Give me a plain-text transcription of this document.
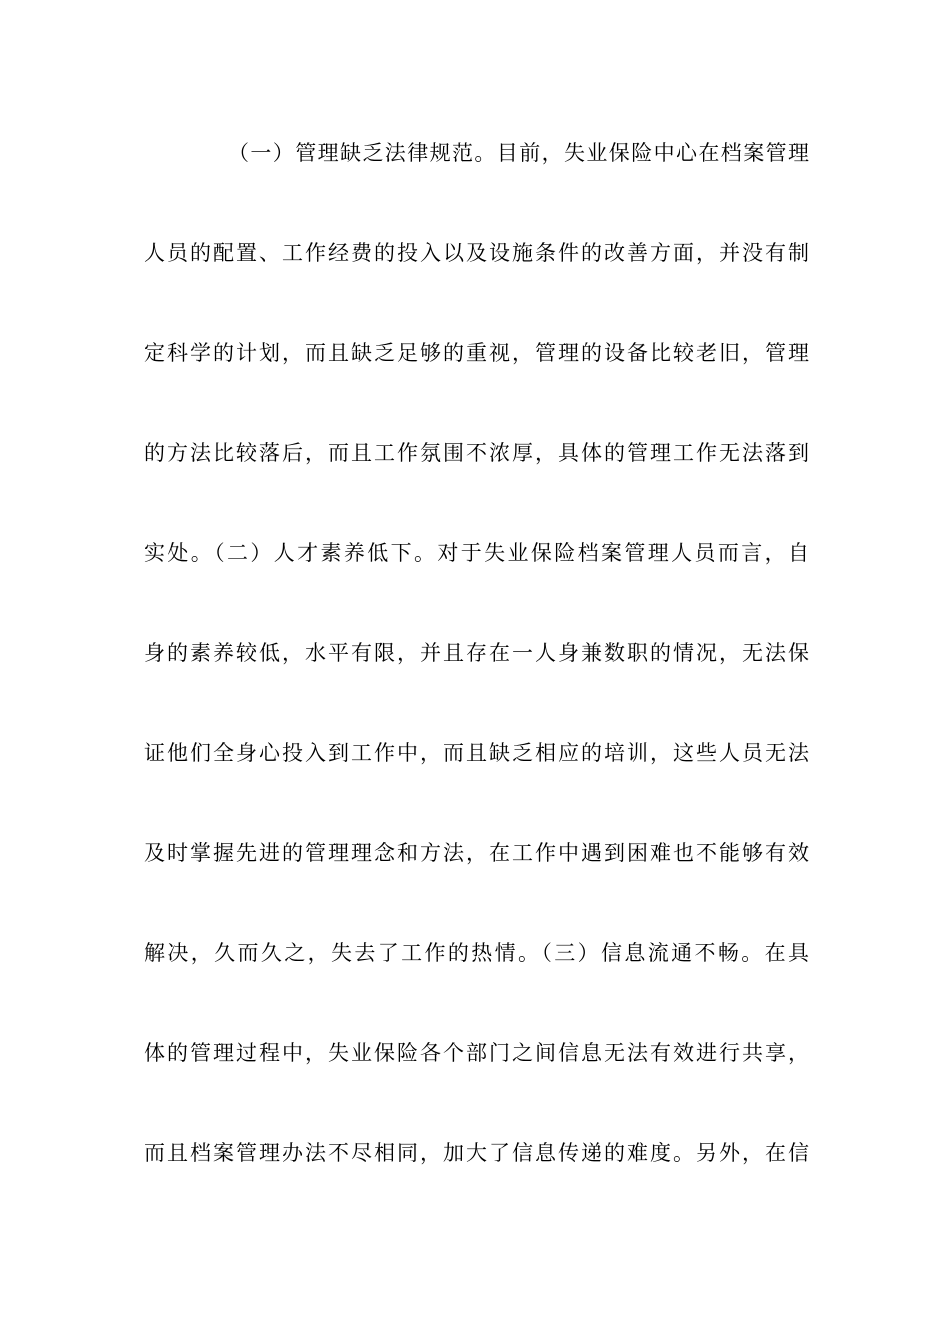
（一）管理缺乏法律规范。目前，失业保险中心在档案管理
人员的配置、工作经费的投入以及设施条件的改善方面，并没有制
定科学的计划，而且缺乏足够的重视，管理的设备比较老旧，管理
的方法比较落后，而且工作氛围不浓厚，具体的管理工作无法落到
实处。（二）人才素养低下。对于失业保险档案管理人员而言，自
身的素养较低，水平有限，并且存在一人身兼数职的情况，无法保
证他们全身心投入到工作中，而且缺乏相应的培训，这些人员无法
及时掌握先进的管理理念和方法，在工作中遇到困难也不能够有效
解决，久而久之，失去了工作的热情。（三）信息流通不畅。在具
体的管理过程中，失业保险各个部门之间信息无法有效进行共享，
而且档案管理办法不尽相同，加大了信息传递的难度。另外，在信
